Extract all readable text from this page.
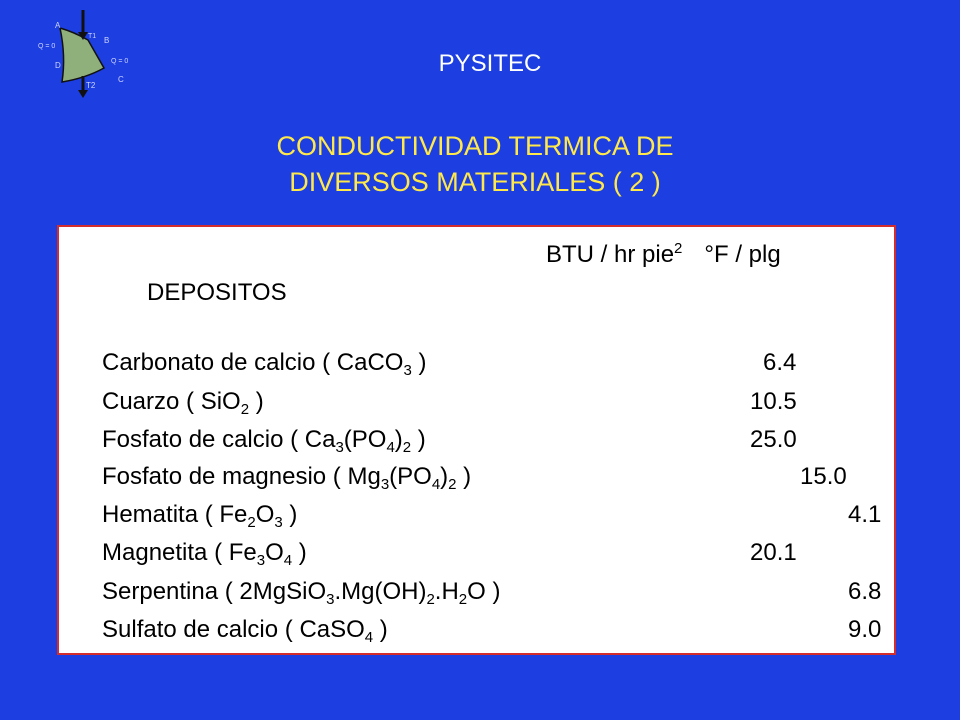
A
T1 B
Q = 0
Q = 0
D
T2
C
PYSITEC
CONDUCTIVIDAD TERMICA DE
DIVERSOS MATERIALES ( 2 )
BTU / hr pie$^2$ °F / plg
DEPOSITOS
Carbonato de calcio ( CaCO$_3$ )	6.4
Cuarzo ( SiO$_2$ )	10.5
Fosfato de calcio ( $Ca_3(PO_4)_2$ )	25.0
Fosfato de magnesio ( $Mg_3(PO_4)_2$ )	15.0
Hematita ( $Fe_2O_3$ )	4.1
Magnetita ( $Fe_3O_4$ )	20.1
Serpentina ( $2MgSiO_3.Mg(OH)_2.H_2O$ )	6.8
Sulfato de calcio ( CaSO$_4$ )	9.0
